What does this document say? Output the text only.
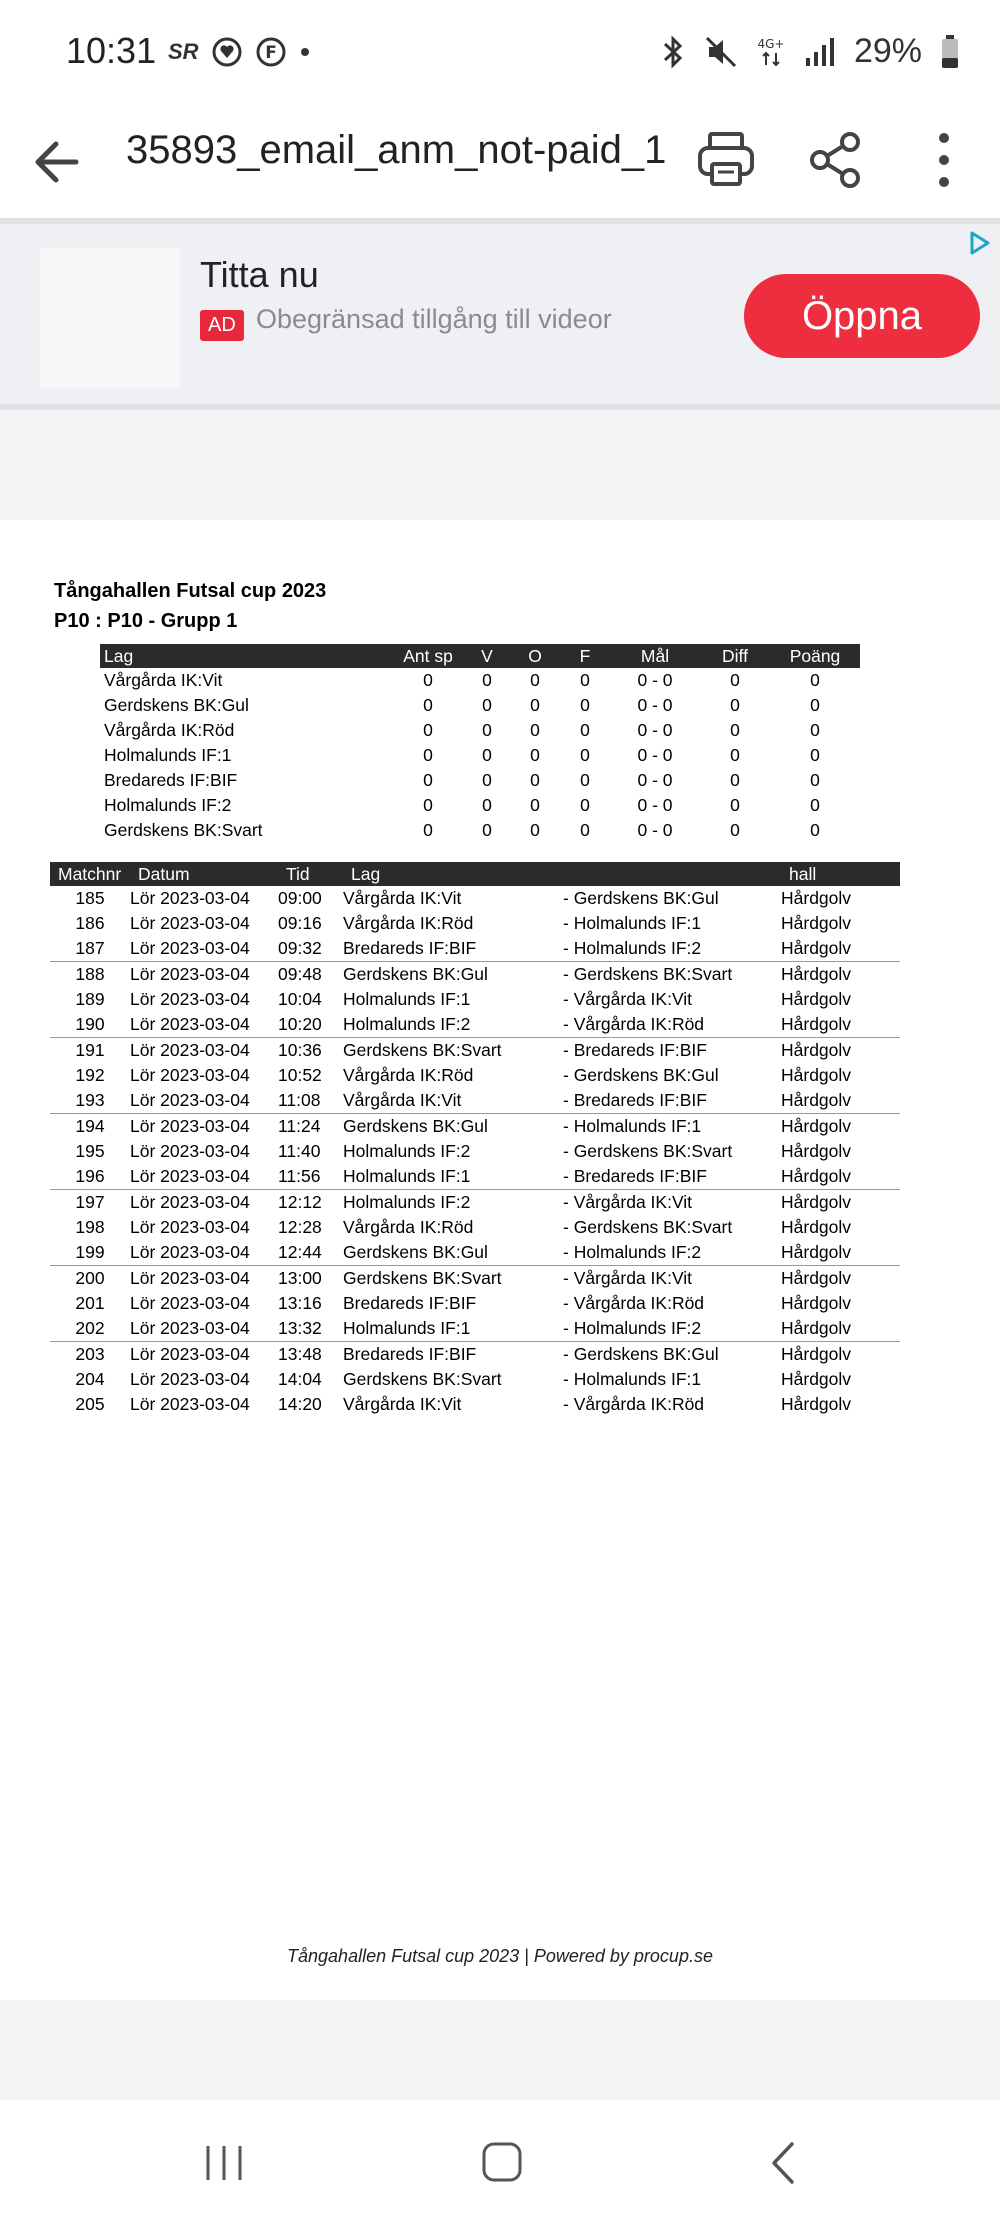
10:31 SR	F	4G+ 29%
35893_email_anm_not-paid_1
Titta nu
AD Obegränsad tillgång till videor	Öppna
Tångahallen Futsal cup 2023
P10 : P10 - Grupp 1
Lag	Ant sp	V	O	F	Mål	Diff	Poäng
Vårgårda IK:Vit	0	0	0	0	0 - 0	0	0
Gerdskens BK:Gul	0	0	0	0	0 - 0	0	0
Vårgårda IK:Röd	0	0	0	0	0 - 0	0	0
Holmalunds IF:1	0	0	0	0	0 - 0	0	0
Bredareds IF:BIF	0	0	0	0	0 - 0	0	0
Holmalunds IF:2	0	0	0	0	0 - 0	0	0
Gerdskens BK:Svart	0	0	0	0	0 - 0	0	0
Matchnr	Datum	Tid	Lag		hall
185	Lör 2023-03-04	09:00	Vårgårda IK:Vit	- Gerdskens BK:Gul	Hårdgolv
186	Lör 2023-03-04	09:16	Vårgårda IK:Röd	- Holmalunds IF:1	Hårdgolv
187	Lör 2023-03-04	09:32	Bredareds IF:BIF	- Holmalunds IF:2	Hårdgolv
188	Lör 2023-03-04	09:48	Gerdskens BK:Gul	- Gerdskens BK:Svart	Hårdgolv
189	Lör 2023-03-04	10:04	Holmalunds IF:1	- Vårgårda IK:Vit	Hårdgolv
190	Lör 2023-03-04	10:20	Holmalunds IF:2	- Vårgårda IK:Röd	Hårdgolv
191	Lör 2023-03-04	10:36	Gerdskens BK:Svart	- Bredareds IF:BIF	Hårdgolv
192	Lör 2023-03-04	10:52	Vårgårda IK:Röd	- Gerdskens BK:Gul	Hårdgolv
193	Lör 2023-03-04	11:08	Vårgårda IK:Vit	- Bredareds IF:BIF	Hårdgolv
194	Lör 2023-03-04	11:24	Gerdskens BK:Gul	- Holmalunds IF:1	Hårdgolv
195	Lör 2023-03-04	11:40	Holmalunds IF:2	- Gerdskens BK:Svart	Hårdgolv
196	Lör 2023-03-04	11:56	Holmalunds IF:1	- Bredareds IF:BIF	Hårdgolv
197	Lör 2023-03-04	12:12	Holmalunds IF:2	- Vårgårda IK:Vit	Hårdgolv
198	Lör 2023-03-04	12:28	Vårgårda IK:Röd	- Gerdskens BK:Svart	Hårdgolv
199	Lör 2023-03-04	12:44	Gerdskens BK:Gul	- Holmalunds IF:2	Hårdgolv
200	Lör 2023-03-04	13:00	Gerdskens BK:Svart	- Vårgårda IK:Vit	Hårdgolv
201	Lör 2023-03-04	13:16	Bredareds IF:BIF	- Vårgårda IK:Röd	Hårdgolv
202	Lör 2023-03-04	13:32	Holmalunds IF:1	- Holmalunds IF:2	Hårdgolv
203	Lör 2023-03-04	13:48	Bredareds IF:BIF	- Gerdskens BK:Gul	Hårdgolv
204	Lör 2023-03-04	14:04	Gerdskens BK:Svart	- Holmalunds IF:1	Hårdgolv
205	Lör 2023-03-04	14:20	Vårgårda IK:Vit	- Vårgårda IK:Röd	Hårdgolv
Tångahallen Futsal cup 2023 | Powered by procup.se
